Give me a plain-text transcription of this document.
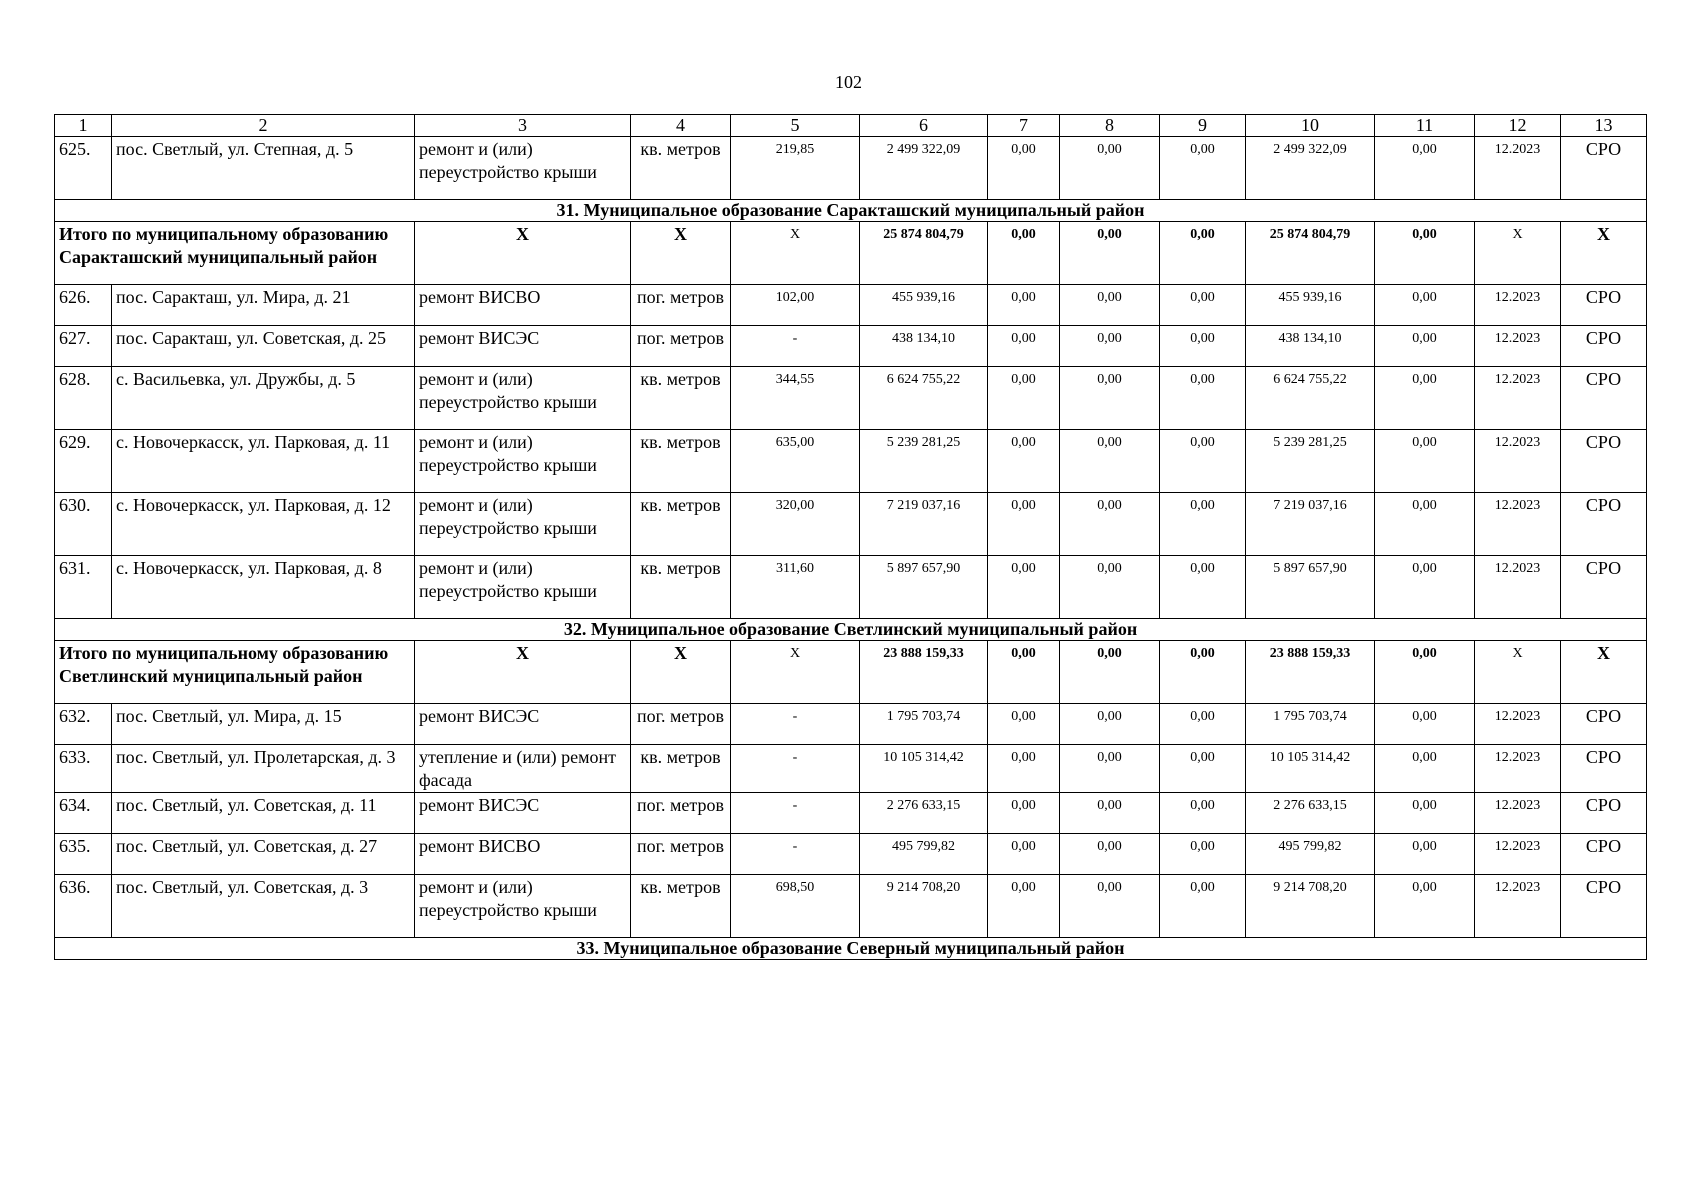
102
1	2	3	4	5	6	7	8	9	10	11	12	13
625.	пос. Светлый, ул. Степная, д. 5	ремонт и (или) переустройство крыши	кв. метров	219,85	2 499 322,09	0,00	0,00	0,00	2 499 322,09	0,00	12.2023	СРО
31. Муниципальное образование Саракташский муниципальный район												
Итого по муниципальному образованию Саракташский муниципальный район		X	X	X	25 874 804,79	0,00	0,00	0,00	25 874 804,79	0,00	X	X
626.	пос. Саракташ, ул. Мира, д. 21	ремонт ВИСВО	пог. метров	102,00	455 939,16	0,00	0,00	0,00	455 939,16	0,00	12.2023	СРО
627.	пос. Саракташ, ул. Советская, д. 25	ремонт ВИСЭС	пог. метров	-	438 134,10	0,00	0,00	0,00	438 134,10	0,00	12.2023	СРО
628.	с. Васильевка, ул. Дружбы, д. 5	ремонт и (или) переустройство крыши	кв. метров	344,55	6 624 755,22	0,00	0,00	0,00	6 624 755,22	0,00	12.2023	СРО
629.	с. Новочеркасск, ул. Парковая, д. 11	ремонт и (или) переустройство крыши	кв. метров	635,00	5 239 281,25	0,00	0,00	0,00	5 239 281,25	0,00	12.2023	СРО
630.	с. Новочеркасск, ул. Парковая, д. 12	ремонт и (или) переустройство крыши	кв. метров	320,00	7 219 037,16	0,00	0,00	0,00	7 219 037,16	0,00	12.2023	СРО
631.	с. Новочеркасск, ул. Парковая, д. 8	ремонт и (или) переустройство крыши	кв. метров	311,60	5 897 657,90	0,00	0,00	0,00	5 897 657,90	0,00	12.2023	СРО
32. Муниципальное образование Светлинский муниципальный район												
Итого по муниципальному образованию Светлинский муниципальный район		X	X	X	23 888 159,33	0,00	0,00	0,00	23 888 159,33	0,00	X	X
632.	пос. Светлый, ул. Мира, д. 15	ремонт ВИСЭС	пог. метров	-	1 795 703,74	0,00	0,00	0,00	1 795 703,74	0,00	12.2023	СРО
633.	пос. Светлый, ул. Пролетарская, д. 3	утепление и (или) ремонт фасада	кв. метров	-	10 105 314,42	0,00	0,00	0,00	10 105 314,42	0,00	12.2023	СРО
634.	пос. Светлый, ул. Советская, д. 11	ремонт ВИСЭС	пог. метров	-	2 276 633,15	0,00	0,00	0,00	2 276 633,15	0,00	12.2023	СРО
635.	пос. Светлый, ул. Советская, д. 27	ремонт ВИСВО	пог. метров	-	495 799,82	0,00	0,00	0,00	495 799,82	0,00	12.2023	СРО
636.	пос. Светлый, ул. Советская, д. 3	ремонт и (или) переустройство крыши	кв. метров	698,50	9 214 708,20	0,00	0,00	0,00	9 214 708,20	0,00	12.2023	СРО
33. Муниципальное образование Северный муниципальный район												
